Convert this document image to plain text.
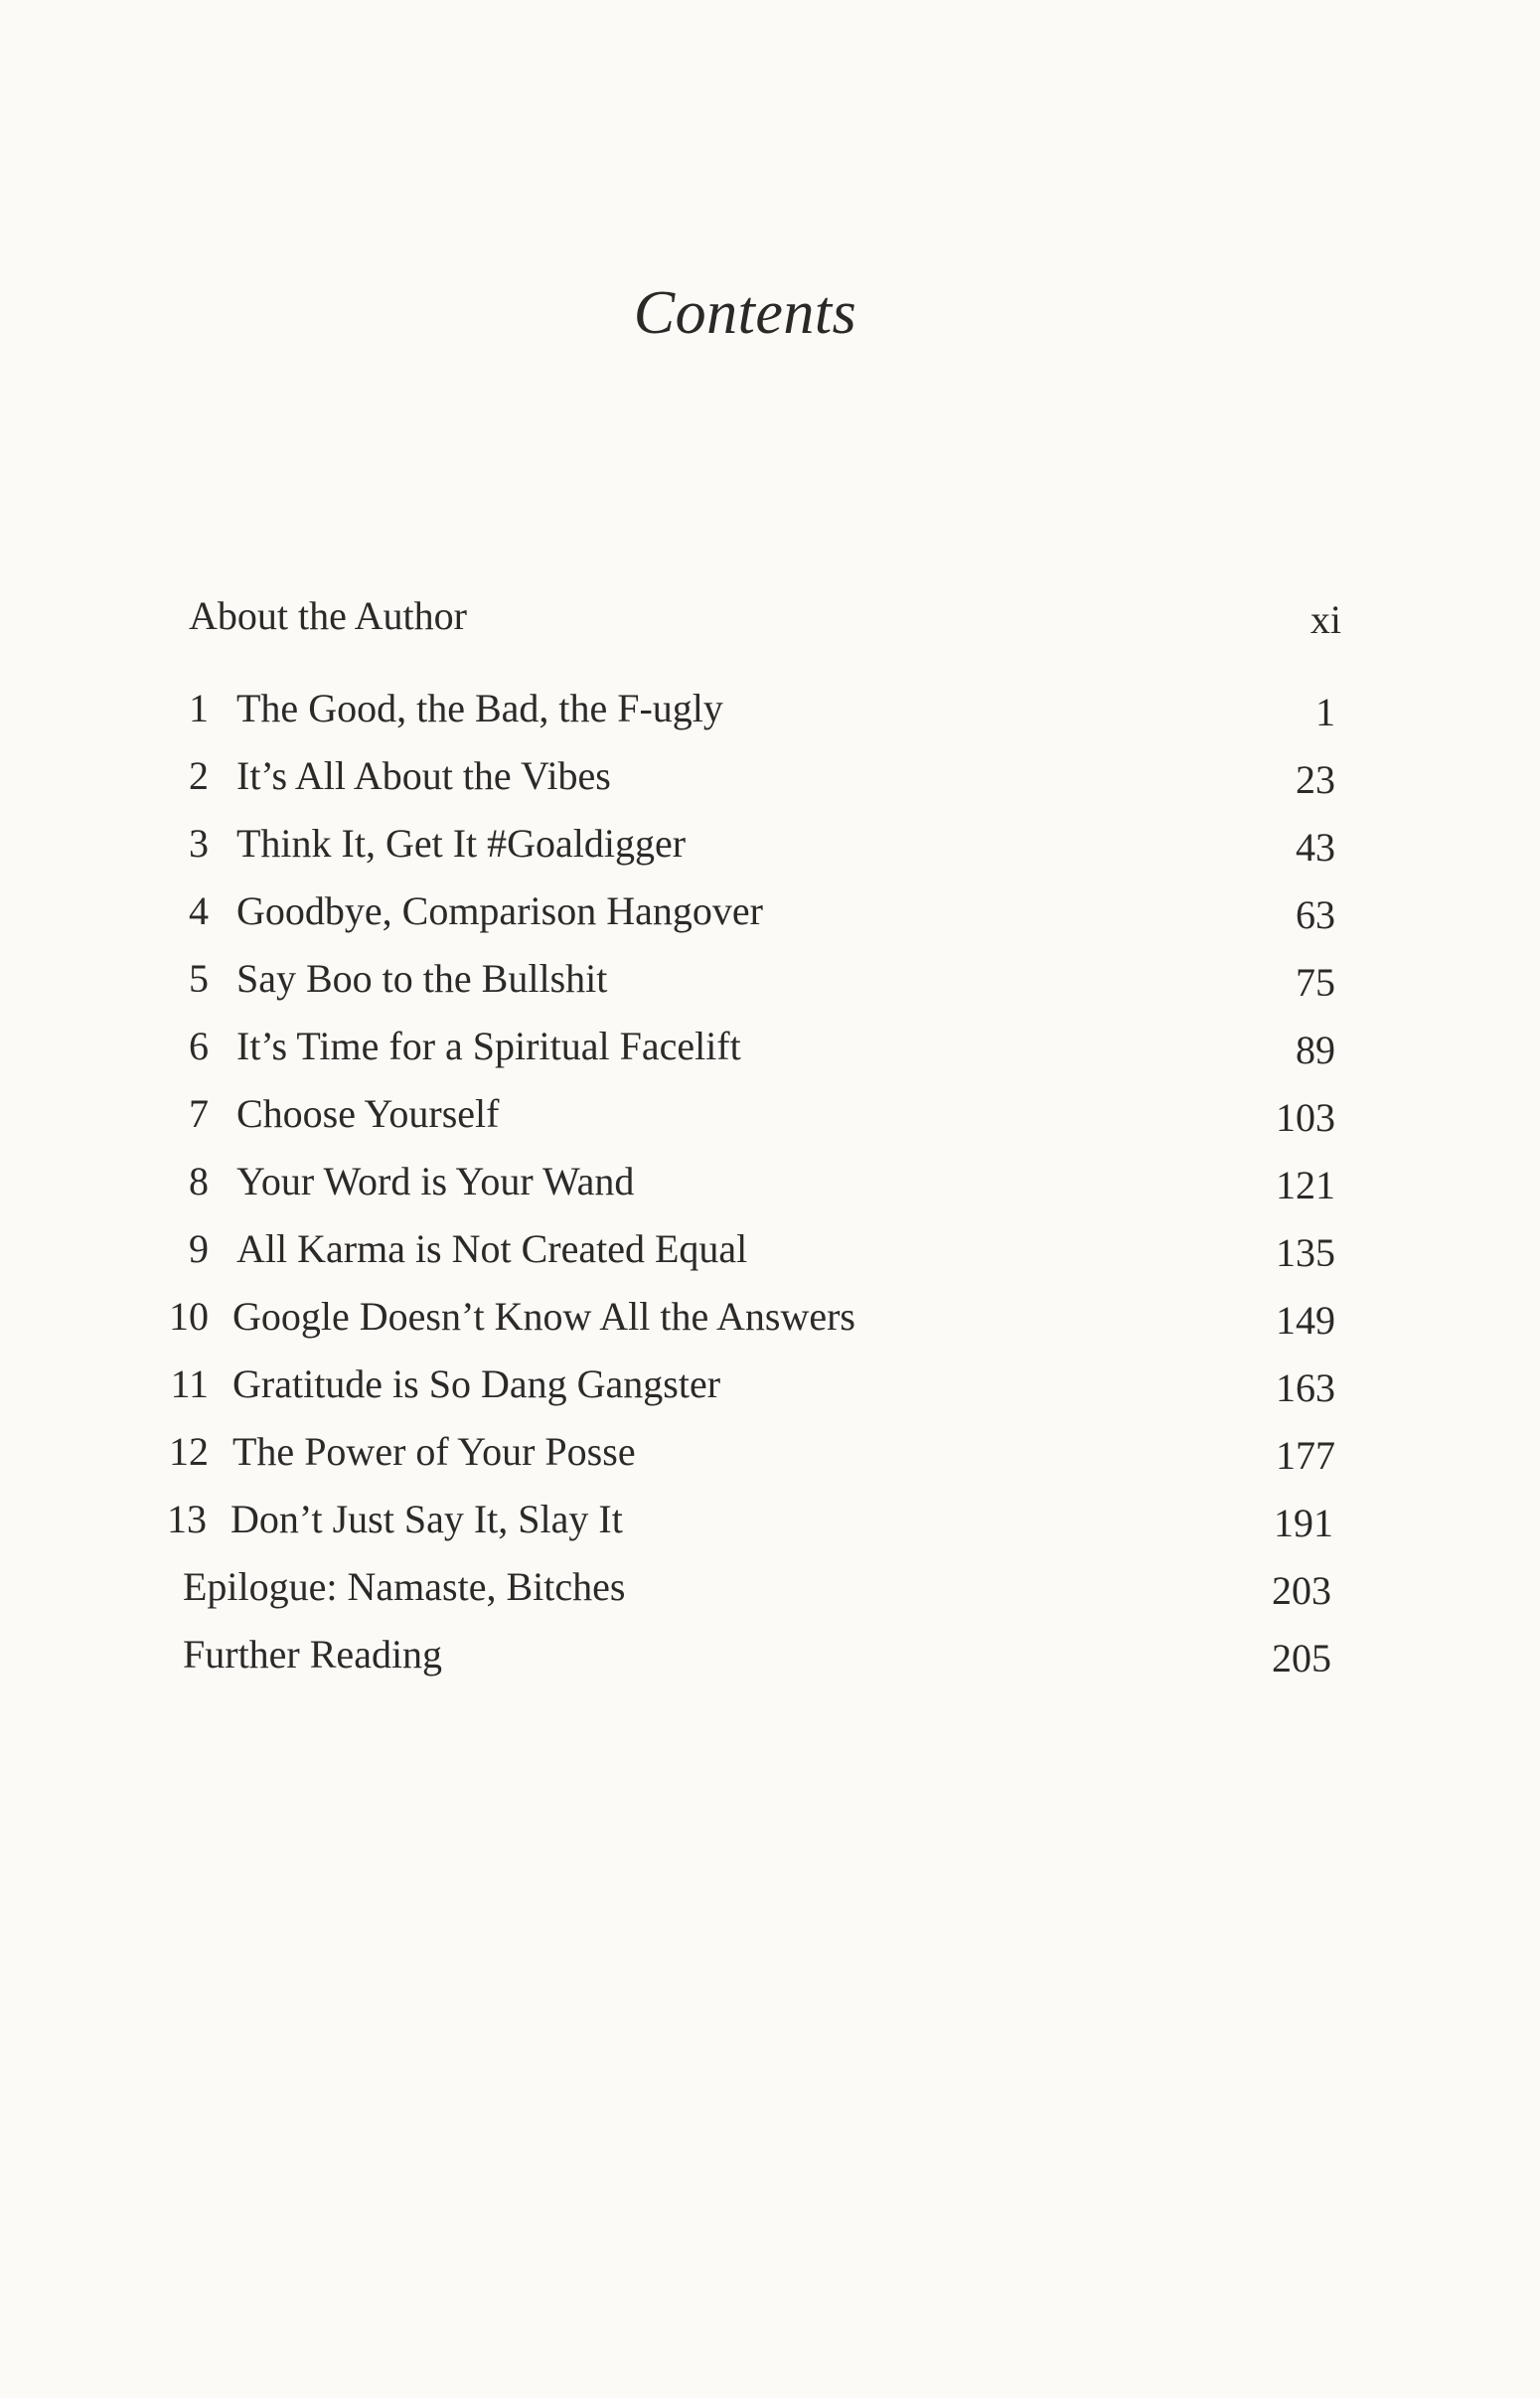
Contents
About the Author	xi
1 The Good, the Bad, the F-ugly	1
2 It’s All About the Vibes	23
3 Think It, Get It #Goaldigger	43
4 Goodbye, Comparison Hangover	63
5 Say Boo to the Bullshit	75
6 It’s Time for a Spiritual Facelift	89
7 Choose Yourself	103
8 Your Word is Your Wand	121
9 All Karma is Not Created Equal	135
10 Google Doesn’t Know All the Answers	149
11 Gratitude is So Dang Gangster	163
12 The Power of Your Posse	177
13 Don’t Just Say It, Slay It	191
Epilogue: Namaste, Bitches	203
Further Reading	205
